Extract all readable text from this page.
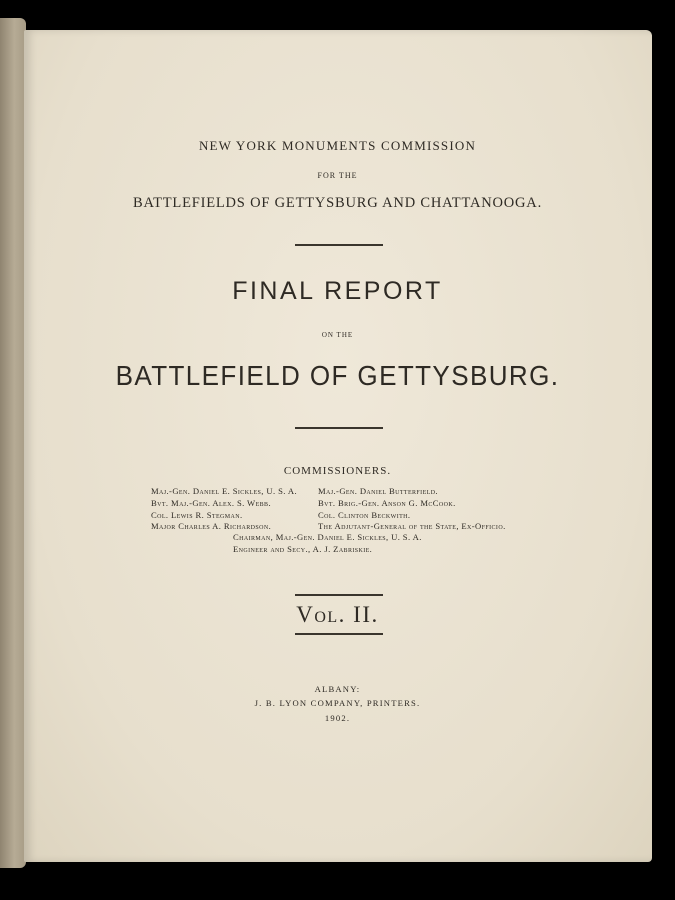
NEW YORK MONUMENTS COMMISSION
FOR THE
BATTLEFIELDS OF GETTYSBURG AND CHATTANOOGA.
FINAL REPORT
ON THE
BATTLEFIELD OF GETTYSBURG.
COMMISSIONERS.
Maj.-Gen. Daniel E. Sickles, U. S. A.
Bvt. Maj.-Gen. Alex. S. Webb.
Col. Lewis R. Stegman.
Major Charles A. Richardson.
Maj.-Gen. Daniel Butterfield.
Bvt. Brig.-Gen. Anson G. McCook.
Col. Clinton Beckwith.
The Adjutant-General of the State, Ex-Officio.
Chairman, Maj.-Gen. Daniel E. Sickles, U. S. A.
Engineer and Secy., A. J. Zabriskie.
Vol. II.
ALBANY:
J. B. LYON COMPANY, PRINTERS.
1902.
